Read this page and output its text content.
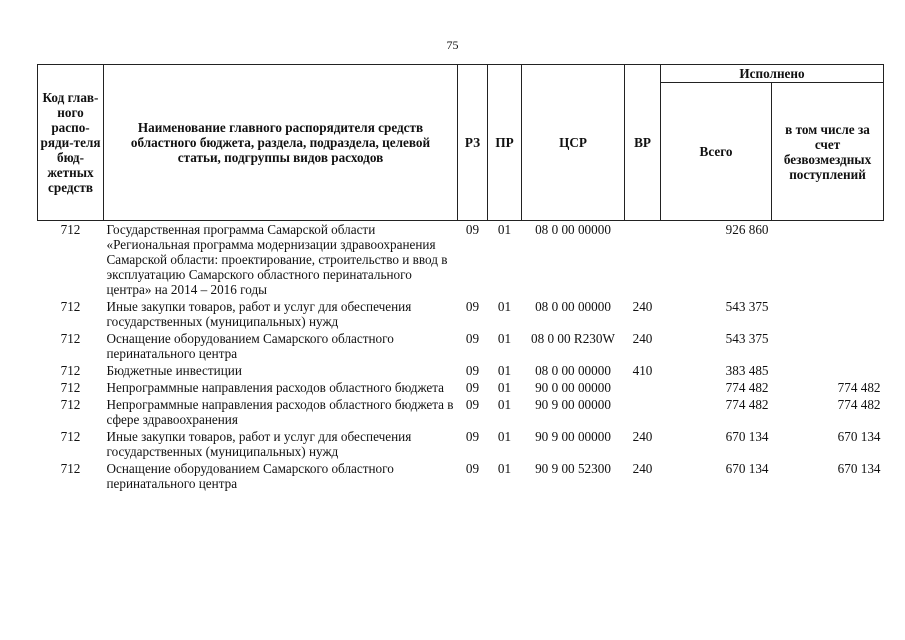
75
Код глав-ного распо-ряди-теля бюд-жетных средств	Наименование главного распорядителя средств областного бюджета, раздела, подраздела, целевой статьи, подгруппы видов расходов	РЗ	ПР	ЦСР	ВР	Исполнено	
						Всего	в том числе за счет безвозмездных поступлений
712	Государственная программа Самарской области «Региональная программа модернизации здравоохранения Самарской области: проектирование, строительство и ввод в эксплуатацию Самарского областного перинатального центра» на 2014 – 2016 годы	09	01	08 0 00 00000		926 860	
712	Иные закупки товаров, работ и услуг для обеспечения государственных (муниципальных) нужд	09	01	08 0 00 00000	240	543 375	
712	Оснащение оборудованием Самарского областного перинатального центра	09	01	08 0 00 R230W	240	543 375	
712	Бюджетные инвестиции	09	01	08 0 00 00000	410	383 485	
712	Непрограммные направления расходов областного бюджета	09	01	90 0 00 00000		774 482	774 482
712	Непрограммные направления расходов областного бюджета в сфере здравоохранения	09	01	90 9 00 00000		774 482	774 482
712	Иные закупки товаров, работ и услуг для обеспечения государственных (муниципальных) нужд	09	01	90 9 00 00000	240	670 134	670 134
712	Оснащение оборудованием Самарского областного перинатального центра	09	01	90 9 00 52300	240	670 134	670 134
